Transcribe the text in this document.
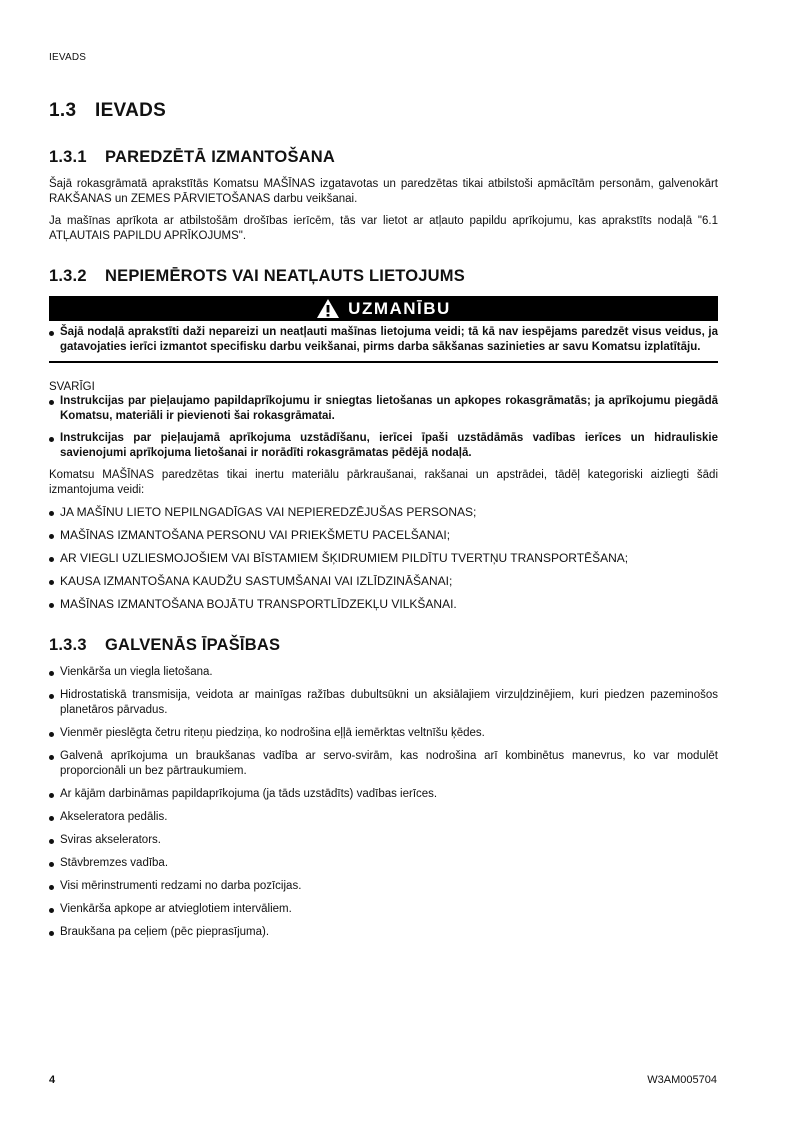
IEVADS
1.3 IEVADS
1.3.1 PAREDZĒTĀ IZMANTOŠANA

Šajā rokasgrāmatā aprakstītās Komatsu MAŠĪNAS izgatavotas un paredzētas tikai atbilstoši apmācītām personām, galvenokārt RAKŠANAS un ZEMES PĀRVIETOŠANAS darbu veikšanai.

Ja mašīnas aprīkota ar atbilstošām drošības ierīcēm, tās var lietot ar atļauto papildu aprīkojumu, kas aprakstīts nodaļā "6.1 ATĻAUTAIS PAPILDU APRĪKOJUMS".

1.3.2 NEPIEMĒROTS VAI NEATĻAUTS LIETOJUMS
UZMANĪBU
Šajā nodaļā aprakstīti daži nepareizi un neatļauti mašīnas lietojuma veidi; tā kā nav iespējams paredzēt visus veidus, ja gatavojaties ierīci izmantot specifisku darbu veikšanai, pirms darba sākšanas sazinieties ar savu Komatsu izplatītāju.
SVARĪGI
Instrukcijas par pieļaujamo papildaprīkojumu ir sniegtas lietošanas un apkopes rokasgrāmatās; ja aprīkojumu piegādā Komatsu, materiāli ir pievienoti šai rokasgrāmatai.
Instrukcijas par pieļaujamā aprīkojuma uzstādīšanu, ierīcei īpaši uzstādāmās vadības ierīces un hidrauliskie savienojumi aprīkojuma lietošanai ir norādīti rokasgrāmatas pēdējā nodaļā.

Komatsu MAŠĪNAS paredzētas tikai inertu materiālu pārkraušanai, rakšanai un apstrādei, tādēļ kategoriski aizliegti šādi izmantojuma veidi:

JA MAŠĪNU LIETO NEPILNGADĪGAS VAI NEPIEREDZĒJUŠAS PERSONAS;
MAŠĪNAS IZMANTOŠANA PERSONU VAI PRIEKŠMETU PACELŠANAI;
AR VIEGLI UZLIESMOJOŠIEM VAI BĪSTAMIEM ŠĶIDRUMIEM PILDĪTU TVERTŅU TRANSPORTĒŠANA;
KAUSA IZMANTOŠANA KAUDŽU SASTUMŠANAI VAI IZLĪDZINĀŠANAI;
MAŠĪNAS IZMANTOŠANA BOJĀTU TRANSPORTLĪDZEKĻU VILKŠANAI.
1.3.3 GALVENĀS ĪPAŠĪBAS
Vienkārša un viegla lietošana.
Hidrostatiskā transmisija, veidota ar mainīgas ražības dubultsūkni un aksiālajiem virzuļdzinējiem, kuri piedzen pazeminošos planetāros pārvadus.
Vienmēr pieslēgta četru riteņu piedziņa, ko nodrošina eļļā iemērktas veltnīšu ķēdes.
Galvenā aprīkojuma un braukšanas vadība ar servo-svirām, kas nodrošina arī kombinētus manevrus, ko var modulēt proporcionāli un bez pārtraukumiem.
Ar kājām darbināmas papildaprīkojuma (ja tāds uzstādīts) vadības ierīces.
Akseleratora pedālis.
Sviras akselerators.
Stāvbremzes vadība.
Visi mērinstrumenti redzami no darba pozīcijas.
Vienkārša apkope ar atvieglotiem intervāliem.
Braukšana pa ceļiem (pēc pieprasījuma).
4	W3AM005704
